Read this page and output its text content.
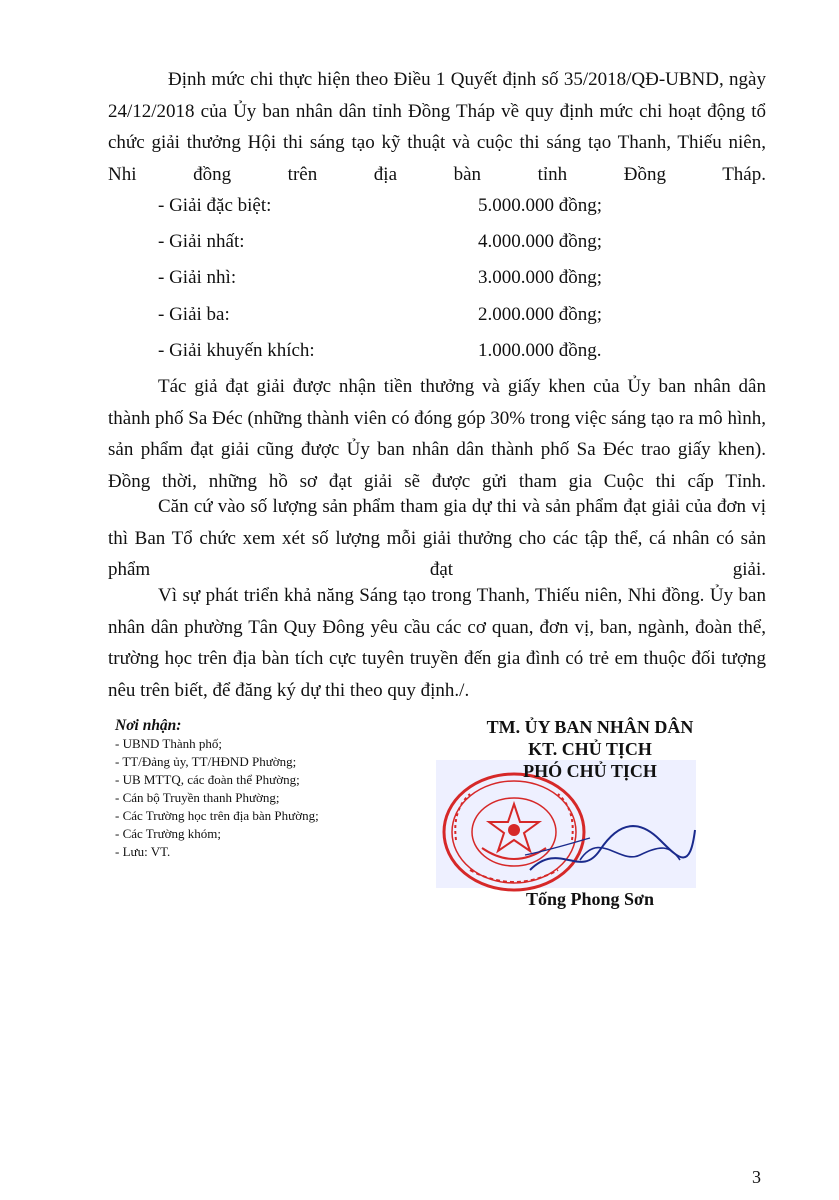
Định mức chi thực hiện theo Điều 1 Quyết định số 35/2018/QĐ-UBND, ngày 24/12/2018 của Ủy ban nhân dân tỉnh Đồng Tháp về quy định mức chi hoạt động tổ chức giải thưởng Hội thi sáng tạo kỹ thuật và cuộc thi sáng tạo Thanh, Thiếu niên, Nhi đồng trên địa bàn tỉnh Đồng Tháp.

- Giải đặc biệt:	5.000.000 đồng;
- Giải nhất:	4.000.000 đồng;
- Giải nhì:	3.000.000 đồng;
- Giải ba:	2.000.000 đồng;
- Giải khuyến khích:	1.000.000 đồng.

Tác giả đạt giải được nhận tiền thưởng và giấy khen của Ủy ban nhân dân thành phố Sa Đéc (những thành viên có đóng góp 30% trong việc sáng tạo ra mô hình, sản phẩm đạt giải cũng được Ủy ban nhân dân thành phố Sa Đéc trao giấy khen). Đồng thời, những hồ sơ đạt giải sẽ được gửi tham gia Cuộc thi cấp Tỉnh.

Căn cứ vào số lượng sản phẩm tham gia dự thi và sản phẩm đạt giải của đơn vị thì Ban Tổ chức xem xét số lượng mỗi giải thưởng cho các tập thể, cá nhân có sản phẩm đạt giải.

Vì sự phát triển khả năng Sáng tạo trong Thanh, Thiếu niên, Nhi đồng. Ủy ban nhân dân phường Tân Quy Đông yêu cầu các cơ quan, đơn vị, ban, ngành, đoàn thể, trường học trên địa bàn tích cực tuyên truyền đến gia đình có trẻ em thuộc đối tượng nêu trên biết, để đăng ký dự thi theo quy định./.

Nơi nhận:
- UBND Thành phố;
- TT/Đảng ủy, TT/HĐND Phường;
- UB MTTQ, các đoàn thể Phường;
- Cán bộ Truyền thanh Phường;
- Các Trường học trên địa bàn Phường;
- Các Trường khóm;
- Lưu: VT.
TM. ỦY BAN NHÂN DÂN
KT. CHỦ TỊCH
PHÓ CHỦ TỊCH
Tống Phong Sơn
3
